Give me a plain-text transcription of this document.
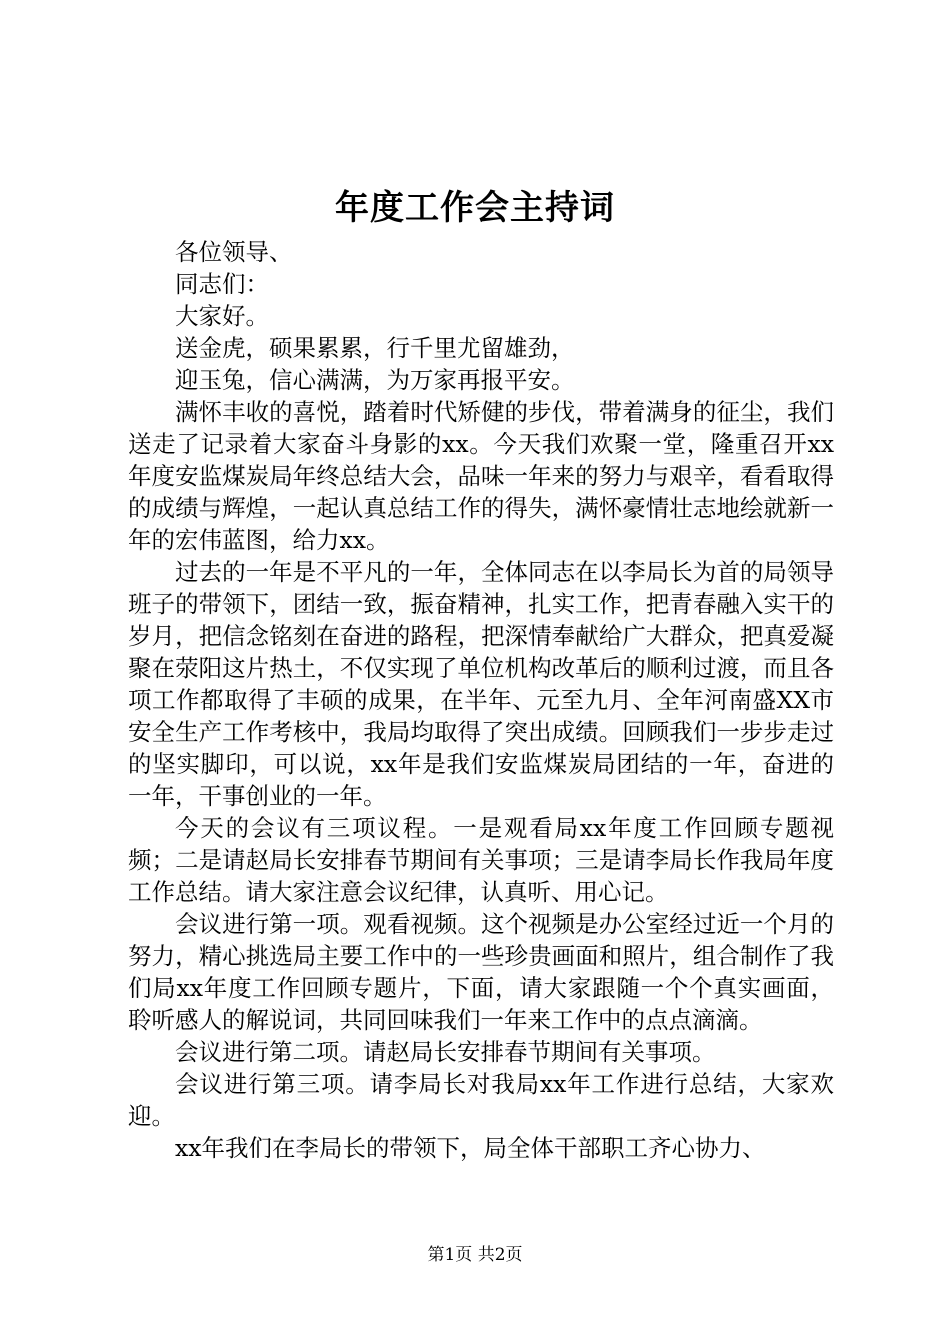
年度工作会主持词

各位领导、

同志们：

大家好。

送金虎，硕果累累，行千里尤留雄劲，

迎玉兔，信心满满，为万家再报平安。

满怀丰收的喜悦，踏着时代矫健的步伐，带着满身的征尘，我们送走了记录着大家奋斗身影的xx。今天我们欢聚一堂，隆重召开xx年度安监煤炭局年终总结大会，品味一年来的努力与艰辛，看看取得的成绩与辉煌，一起认真总结工作的得失，满怀豪情壮志地绘就新一年的宏伟蓝图，给力xx。

过去的一年是不平凡的一年，全体同志在以李局长为首的局领导班子的带领下，团结一致，振奋精神，扎实工作，把青春融入实干的岁月，把信念铭刻在奋进的路程，把深情奉献给广大群众，把真爱凝聚在荥阳这片热土，不仅实现了单位机构改革后的顺利过渡，而且各项工作都取得了丰硕的成果，在半年、元至九月、全年河南盛XX市安全生产工作考核中，我局均取得了突出成绩。回顾我们一步步走过的坚实脚印，可以说，xx年是我们安监煤炭局团结的一年，奋进的一年，干事创业的一年。

今天的会议有三项议程。一是观看局xx年度工作回顾专题视频；二是请赵局长安排春节期间有关事项；三是请李局长作我局年度工作总结。请大家注意会议纪律，认真听、用心记。

会议进行第一项。观看视频。这个视频是办公室经过近一个月的努力，精心挑选局主要工作中的一些珍贵画面和照片，组合制作了我们局xx年度工作回顾专题片，下面，请大家跟随一个个真实画面，聆听感人的解说词，共同回味我们一年来工作中的点点滴滴。

会议进行第二项。请赵局长安排春节期间有关事项。

会议进行第三项。请李局长对我局xx年工作进行总结，大家欢迎。

xx年我们在李局长的带领下，局全体干部职工齐心协力、

第1页 共2页
